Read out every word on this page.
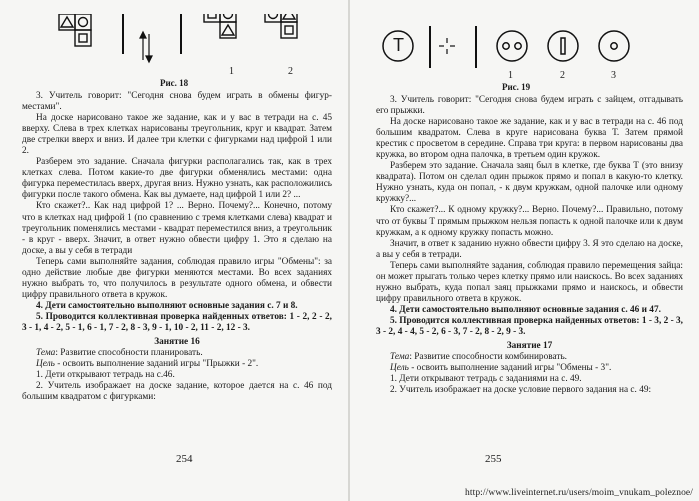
1	2
Рис. 18

3. Учитель говорит: "Сегодня снова будем играть в обмены фигур-местами".

На доске нарисовано такое же задание, как и у вас в тетради на с. 45 вверху. Слева в трех клетках нарисованы треугольник, круг и квадрат. Затем две стрелки вверх и вниз. И далее три клетки с фигурками над цифрой 1 или 2.

Разберем это задание. Сначала фигурки располагались так, как в трех клетках слева. Потом какие-то две фигурки обменялись местами: одна фигурка переместилась вверх, другая вниз. Нужно узнать, как расположились фигурки после такого обмена. Как вы думаете, над цифрой 1 или 2? ...

Кто скажет?.. Как над цифрой 1? ... Верно. Почему?... Конечно, потому что в клетках над цифрой 1 (по сравнению с тремя клетками слева) квадрат и треугольник поменялись местами - квадрат переместился вниз, а треугольник - в круг - вверх. Значит, в ответ нужно обвести цифру 1. Это я сделаю на доске, а вы у себя в тетради

Теперь сами выполняйте задания, соблюдая правило игры "Обмены": за одно действие любые две фигурки меняются местами. Во всех заданиях нужно выбрать то, что получилось в результате одного обмена, и обвести цифру правильного ответа в кружок.

4. Дети самостоятельно выполняют основные задания с. 7 и 8.

5. Проводится коллективная проверка найденных ответов: 1 - 2, 2 - 2, 3 - 1, 4 - 2, 5 - 1, 6 - 1, 7 - 2, 8 - 3, 9 - 1, 10 - 2, 11 - 2, 12 - 3.

Занятие 16

Тема: Развитие способности планировать.

Цель - освоить выполнение заданий игры "Прыжки - 2".

1. Дети открывают тетрадь на с.46.

2. Учитель изображает на доске задание, которое дается на с. 46 под большим квадратом с фигурками:

254
Т
1	2	3
Рис. 19

3. Учитель говорит: "Сегодня снова будем играть с зайцем, отгадывать его прыжки.

На доске нарисовано такое же задание, как и у вас в тетради на с. 46 под большим квадратом. Слева в круге нарисована буква Т. Затем прямой крестик с просветом в середине. Справа три круга: в первом нарисованы два кружка, во втором одна палочка, в третьем один кружок.

Разберем это задание. Сначала заяц был в клетке, где буква Т (это внизу квадрата). Потом он сделал один прыжок прямо и попал в какую-то клетку. Нужно узнать, куда он попал, - к двум кружкам, одной палочке или одному кружку?...

Кто скажет?... К одному кружку?... Верно. Почему?... Правильно, потому что от буквы Т прямым прыжком нельзя попасть к одной палочке или к двум кружкам, а к одному кружку попасть можно.

Значит, в ответ к заданию нужно обвести цифру 3. Я это сделаю на доске, а вы у себя в тетради.

Теперь сами выполняйте задания, соблюдая правило перемещения зайца: он может прыгать только через клетку прямо или наискось. Во всех заданиях нужно выбрать, куда попал заяц прыжками прямо и наискось, и обвести цифру правильного ответа в кружок.

4. Дети самостоятельно выполняют основные задания с. 46 и 47.

5. Проводится коллективная проверка найденных ответов: 1 - 3, 2 - 3, 3 - 2, 4 - 4, 5 - 2, 6 - 3, 7 - 2, 8 - 2, 9 - 3.

Занятие 17

Тема: Развитие способности комбинировать.

Цель - освоить выполнение заданий игры "Обмены - 3".

1. Дети открывают тетрадь с заданиями на с. 49.

2. Учитель изображает на доске условие первого задания на с. 49:

255
http://www.liveinternet.ru/users/moim_vnukam_poleznoe/
